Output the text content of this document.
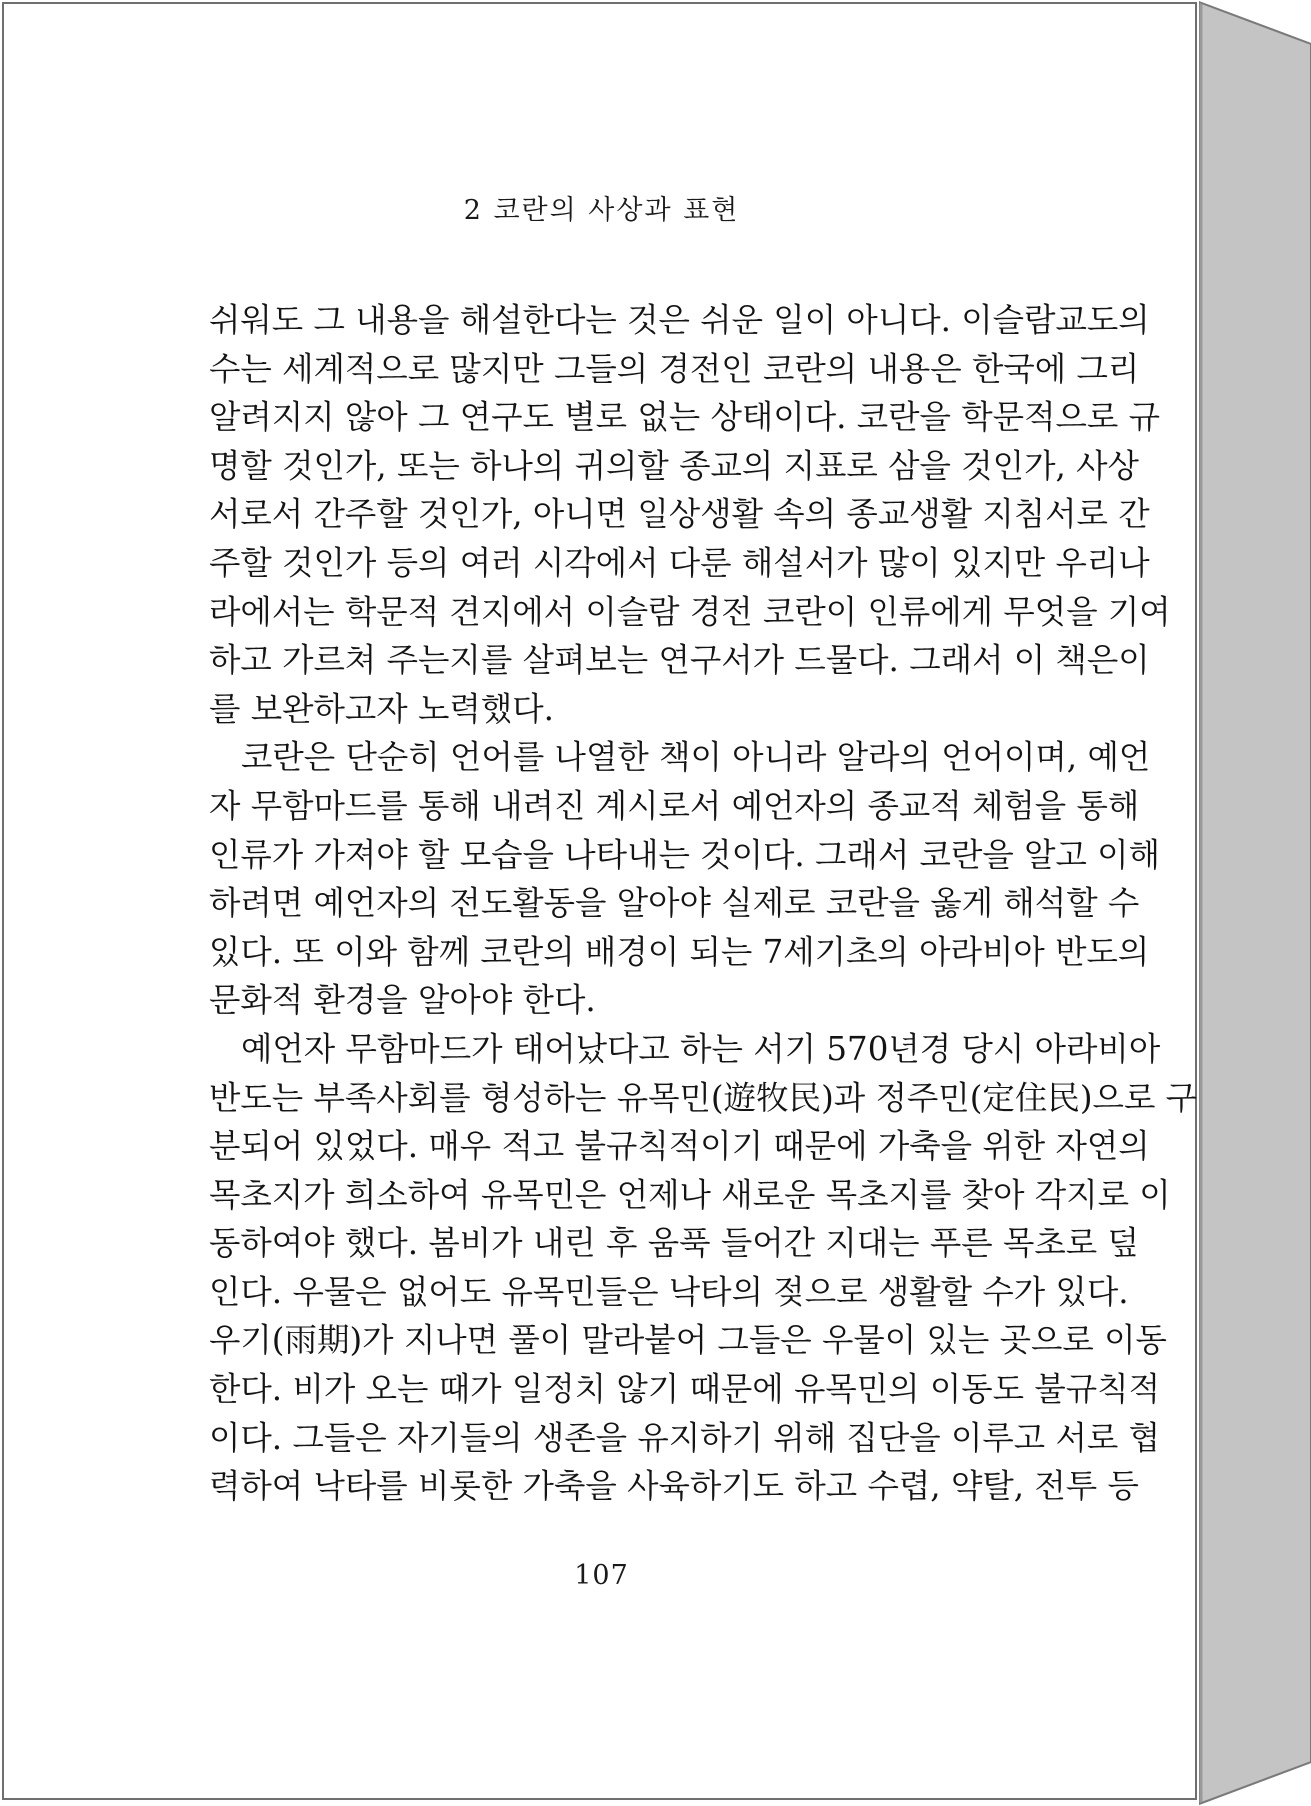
2 코란의 사상과 표현
쉬워도 그 내용을 해설한다는 것은 쉬운 일이 아니다. 이슬람교도의
수는 세계적으로 많지만 그들의 경전인 코란의 내용은 한국에 그리
알려지지 않아 그 연구도 별로 없는 상태이다. 코란을 학문적으로 규
명할 것인가, 또는 하나의 귀의할 종교의 지표로 삼을 것인가, 사상
서로서 간주할 것인가, 아니면 일상생활 속의 종교생활 지침서로 간
주할 것인가 등의 여러 시각에서 다룬 해설서가 많이 있지만 우리나
라에서는 학문적 견지에서 이슬람 경전 코란이 인류에게 무엇을 기여
하고 가르쳐 주는지를 살펴보는 연구서가 드물다. 그래서 이 책은이
를 보완하고자 노력했다.
코란은 단순히 언어를 나열한 책이 아니라 알라의 언어이며, 예언
자 무함마드를 통해 내려진 계시로서 예언자의 종교적 체험을 통해
인류가 가져야 할 모습을 나타내는 것이다. 그래서 코란을 알고 이해
하려면 예언자의 전도활동을 알아야 실제로 코란을 옳게 해석할 수
있다. 또 이와 함께 코란의 배경이 되는 7세기초의 아라비아 반도의
문화적 환경을 알아야 한다.
예언자 무함마드가 태어났다고 하는 서기 570년경 당시 아라비아
반도는 부족사회를 형성하는 유목민(遊牧民)과 정주민(定住民)으로 구
분되어 있었다. 매우 적고 불규칙적이기 때문에 가축을 위한 자연의
목초지가 희소하여 유목민은 언제나 새로운 목초지를 찾아 각지로 이
동하여야 했다. 봄비가 내린 후 움푹 들어간 지대는 푸른 목초로 덮
인다. 우물은 없어도 유목민들은 낙타의 젖으로 생활할 수가 있다.
우기(雨期)가 지나면 풀이 말라붙어 그들은 우물이 있는 곳으로 이동
한다. 비가 오는 때가 일정치 않기 때문에 유목민의 이동도 불규칙적
이다. 그들은 자기들의 생존을 유지하기 위해 집단을 이루고 서로 협
력하여 낙타를 비롯한 가축을 사육하기도 하고 수렵, 약탈, 전투 등
107
